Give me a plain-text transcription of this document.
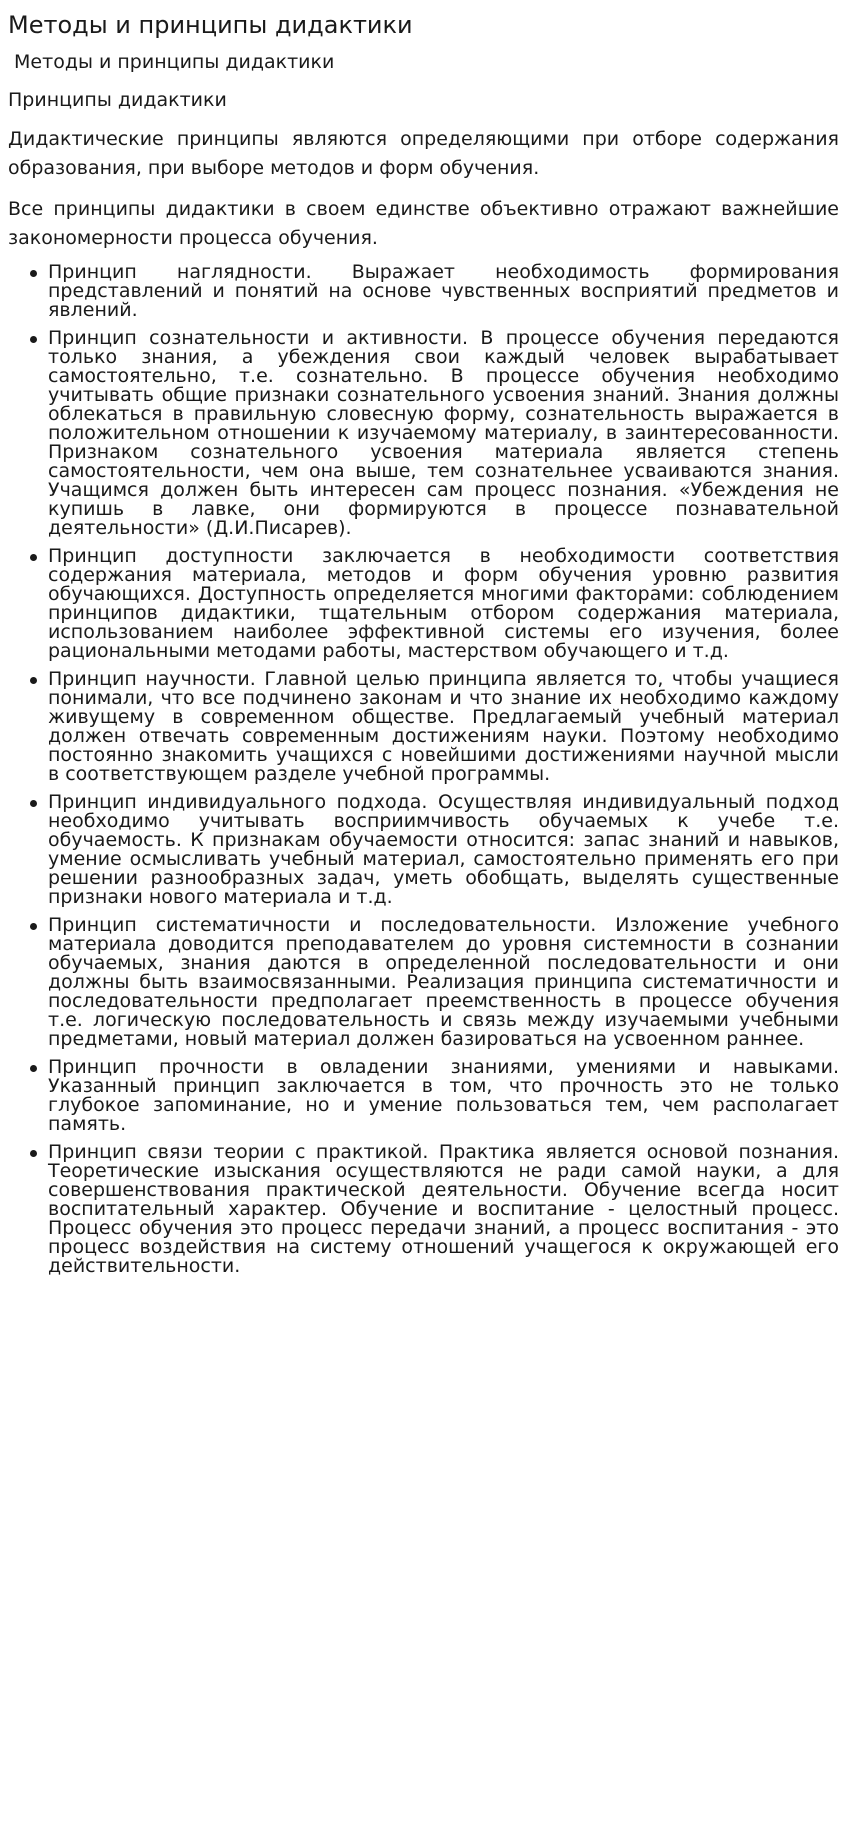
Методы и принципы дидактики

Методы и принципы дидактики

Принципы дидактики

Дидактические принципы являются определяющими при отборе содержания образования, при выборе методов и форм обучения.

Все принципы дидактики в своем единстве объективно отражают важнейшие закономерности процесса обучения.

Принцип наглядности. Выражает необходимость формирования представлений и понятий на основе чувственных восприятий предметов и явлений.
Принцип сознательности и активности. В процессе обучения передаются только знания, а убеждения свои каждый человек вырабатывает самостоятельно, т.е. сознательно. В процессе обучения необходимо учитывать общие признаки сознательного усвоения знаний. Знания должны облекаться в правильную словесную форму, сознательность выражается в положительном отношении к изучаемому материалу, в заинтересованности. Признаком сознательного усвоения материала является степень самостоятельности, чем она выше, тем сознательнее усваиваются знания. Учащимся должен быть интересен сам процесс познания. «Убеждения не купишь в лавке, они формируются в процессе познавательной деятельности» (Д.И.Писарев).
Принцип доступности заключается в необходимости соответствия содержания материала, методов и форм обучения уровню развития обучающихся. Доступность определяется многими факторами: соблюдением принципов дидактики, тщательным отбором содержания материала, использованием наиболее эффективной системы его изучения, более рациональными методами работы, мастерством обучающего и т.д.
Принцип научности. Главной целью принципа является то, чтобы учащиеся понимали, что все подчинено законам и что знание их необходимо каждому живущему в современном обществе. Предлагаемый учебный материал должен отвечать современным достижениям науки. Поэтому необходимо постоянно знакомить учащихся с новейшими достижениями научной мысли в соответствующем разделе учебной программы.
Принцип индивидуального подхода. Осуществляя индивидуальный подход необходимо учитывать восприимчивость обучаемых к учебе т.е. обучаемость. К признакам обучаемости относится: запас знаний и навыков, умение осмысливать учебный материал, самостоятельно применять его при решении разнообразных задач, уметь обобщать, выделять существенные признаки нового материала и т.д.
Принцип систематичности и последовательности. Изложение учебного материала доводится преподавателем до уровня системности в сознании обучаемых, знания даются в определенной последовательности и они должны быть взаимосвязанными. Реализация принципа систематичности и последовательности предполагает преемственность в процессе обучения т.е. логическую последовательность и связь между изучаемыми учебными предметами, новый материал должен базироваться на усвоенном раннее.
Принцип прочности в овладении знаниями, умениями и навыками. Указанный принцип заключается в том, что прочность это не только глубокое запоминание, но и умение пользоваться тем, чем располагает память.
Принцип связи теории с практикой. Практика является основой познания. Теоретические изыскания осуществляются не ради самой науки, а для совершенствования практической деятельности. Обучение всегда носит воспитательный характер. Обучение и воспитание - целостный процесс. Процесс обучения это процесс передачи знаний, а процесс воспитания - это процесс воздействия на систему отношений учащегося к окружающей его действительности.
